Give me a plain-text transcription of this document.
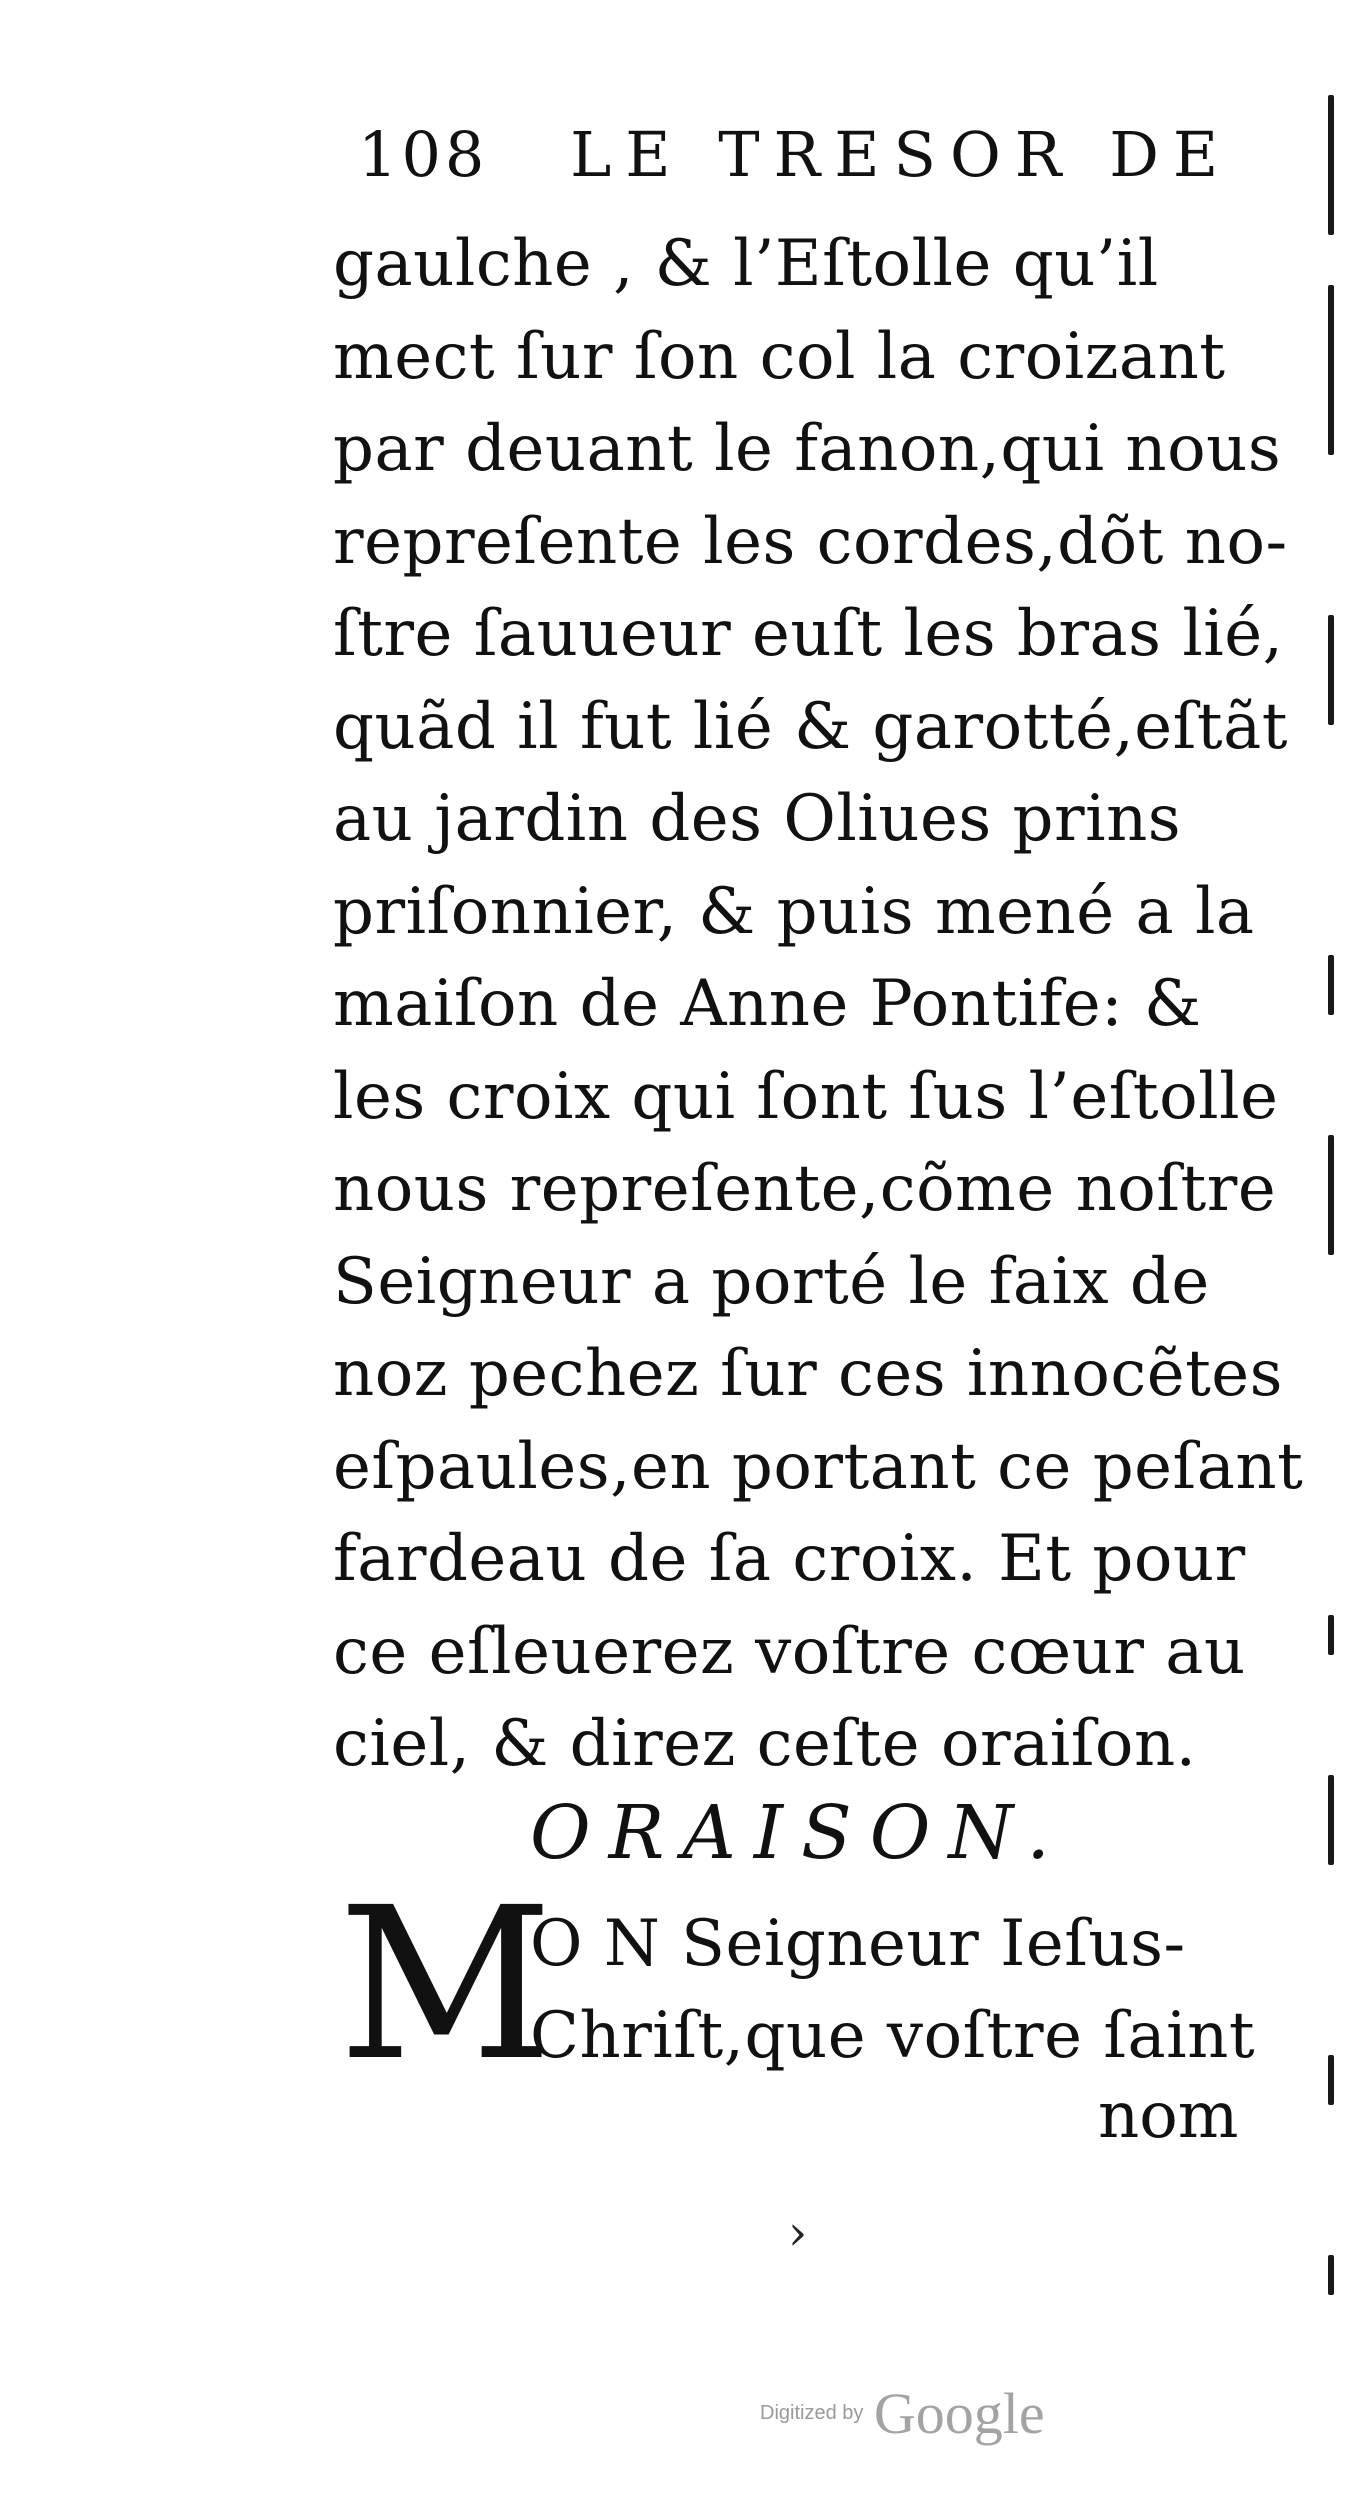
108 LE TRESOR DE
gaulche , & l’Eſtolle qu’il
mect ſur ſon col la croizant
par deuant le fanon,qui nous
repreſente les cordes,dõt no-
ſtre ſauueur euſt les bras lié,
quãd il fut lié & garotté,eſtãt
au jardin des Oliues prins
priſonnier, & puis mené a la
maiſon de Anne Pontife: &
les croix qui ſont ſus l’eſtolle
nous repreſente,cõme noſtre
Seigneur a porté le faix de
noz pechez ſur ces innocẽtes
eſpaules,en portant ce peſant
fardeau de ſa croix. Et pour
ce eſleuerez voſtre cœur au
ciel, & direz ceſte oraiſon.
ORAISON.
M
O N Seigneur Ieſus-
Chriſt,que voſtre ſaint
nom
›
Digitized by Google
